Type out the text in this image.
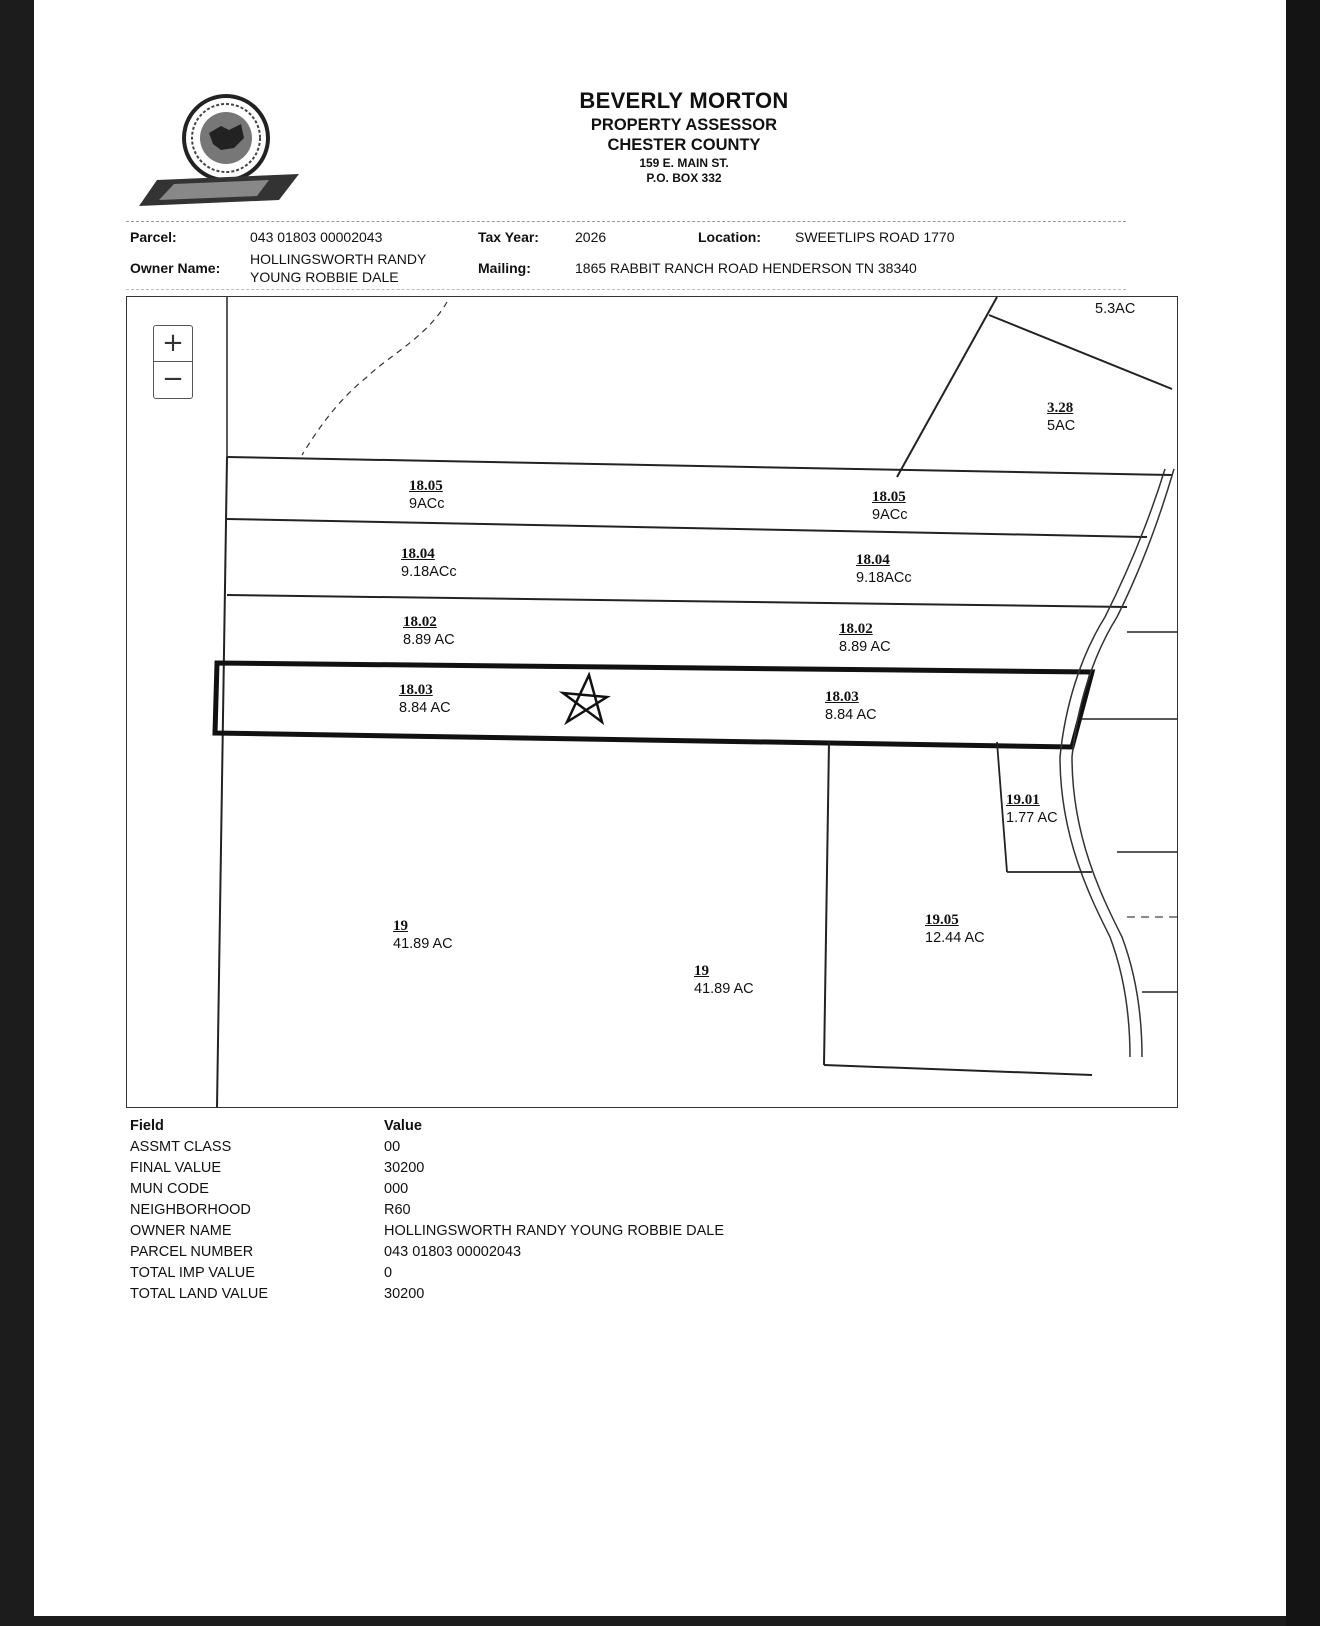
BEVERLY MORTON
PROPERTY ASSESSOR
CHESTER COUNTY
159 E. MAIN ST.
P.O. BOX 332
Parcel:	043 01803 00002043	Tax Year:	2026	Location: SWEETLIPS ROAD 1770
Owner Name:
HOLLINGSWORTH RANDY
YOUNG ROBBIE DALE
Mailing:	1865 RABBIT RANCH ROAD HENDERSON TN 38340
+
−
5.3AC
3.28
5AC
18.05
9ACc	18.05
9ACc
18.04
9.18ACc
18.04
9.18ACc
18.02
8.89 AC
18.02
8.89 AC
18.03
8.84 AC
18.03
8.84 AC
19.01
1.77 AC
19
41.89 AC
19
41.89 AC
19.05
12.44 AC
Field	Value
ASSMT CLASS	00
FINAL VALUE	30200
MUN CODE	000
NEIGHBORHOOD	R60
OWNER NAME	HOLLINGSWORTH RANDY YOUNG ROBBIE DALE
PARCEL NUMBER	043 01803 00002043
TOTAL IMP VALUE	0
TOTAL LAND VALUE	30200
